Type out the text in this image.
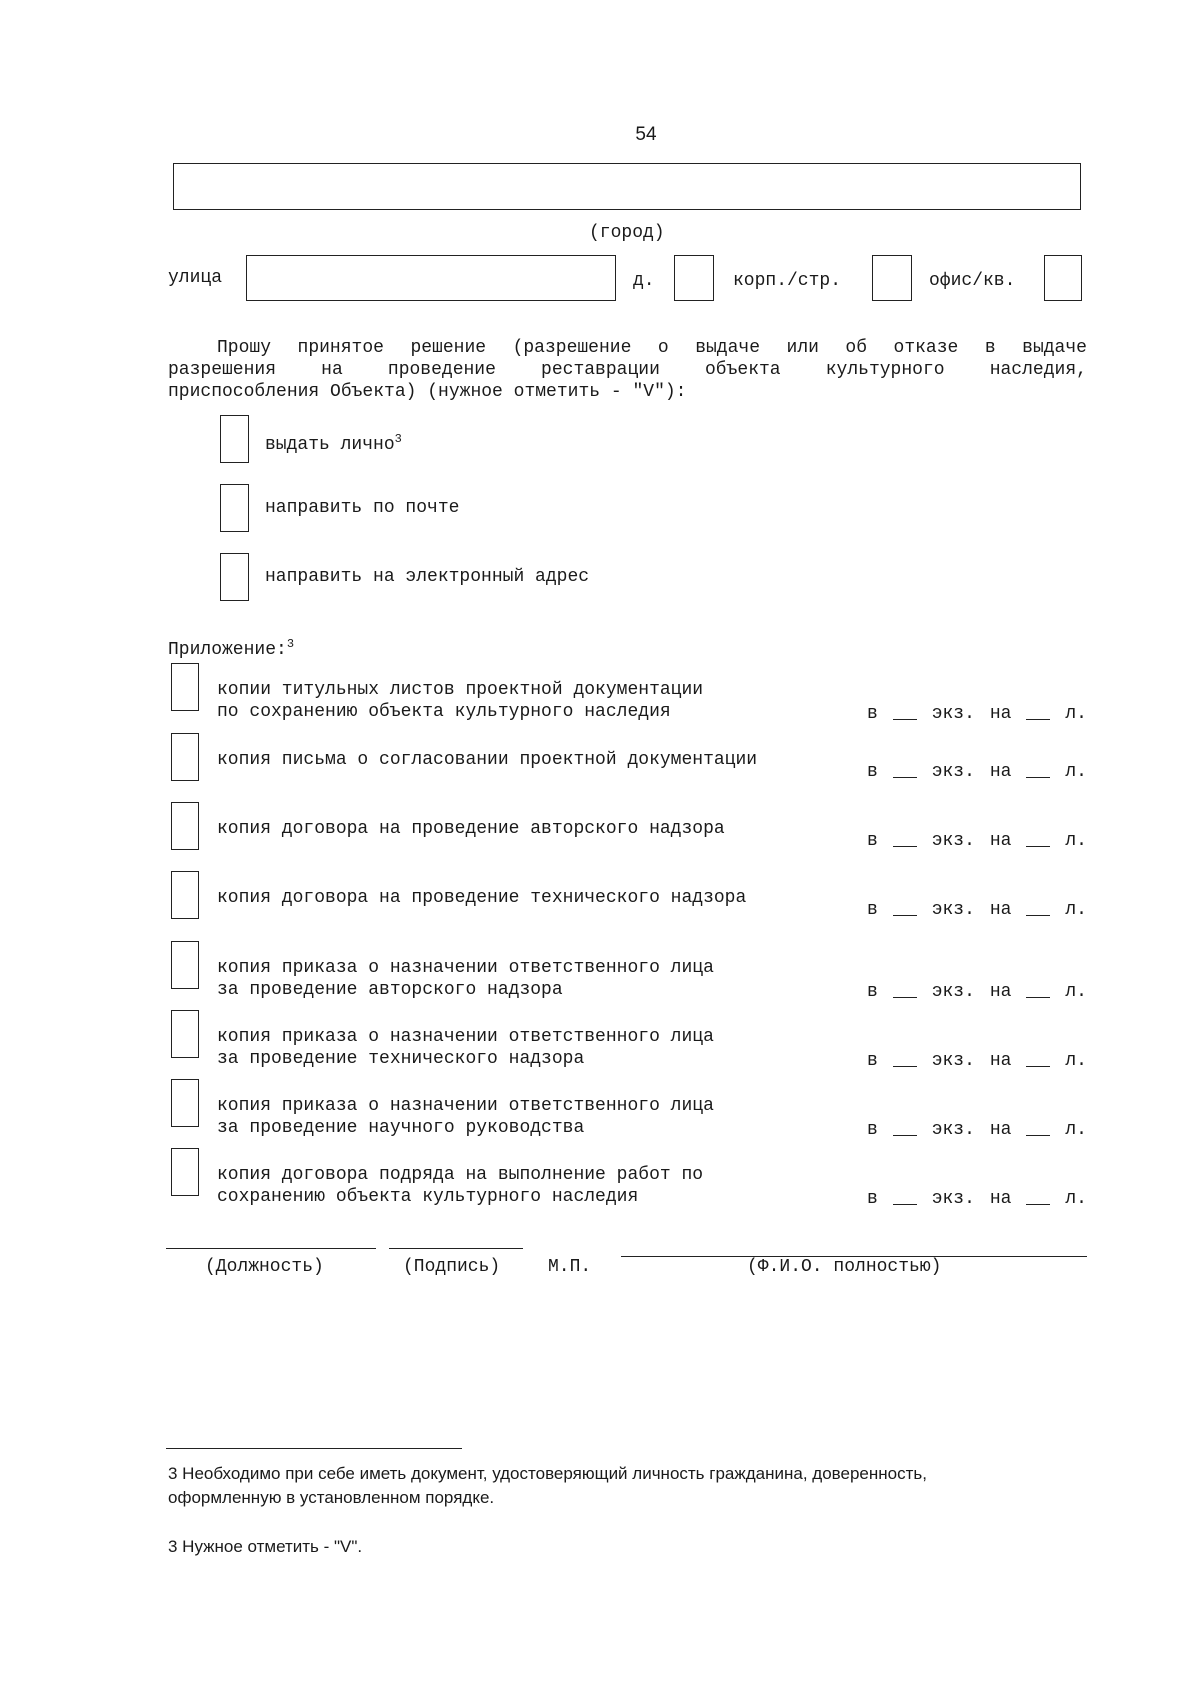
54
(город)
улица	д.	корп./стр.	офис/кв.
Прошу принятое решение (разрешение о выдаче или об отказе в выдаче
разрешения	на	проведение	реставрации	объекта	культурного	наследия,
приспособления Объекта) (нужное отметить - "V"):
выдать лично$^3$
направить по почте
направить на электронный адрес
Приложение:$^3$
копии титульных листов проектной документации
по сохранению объекта культурного наследия	в	экз. на	л.
копия письма о согласовании проектной документации
в	экз. на	л.
копия договора на проведение авторского надзора
в	экз. на	л.
копия договора на проведение технического надзора
в	экз. на	л.
копия приказа о назначении ответственного лица
за проведение авторского надзора	в	экз. на	л.
копия приказа о назначении ответственного лица
за проведение технического надзора	в	экз. на	л.
копия приказа о назначении ответственного лица
за проведение научного руководства	в	экз. на	л.
копия договора подряда на выполнение работ по
сохранению объекта культурного наследия	в	экз. на	л.
(Должность)	(Подпись)	М.П.	(Ф.И.О. полностью)
3 Необходимо при себе иметь документ, удостоверяющий личность гражданина, доверенность,
оформленную в установленном порядке.
3 Нужное отметить - "V".
